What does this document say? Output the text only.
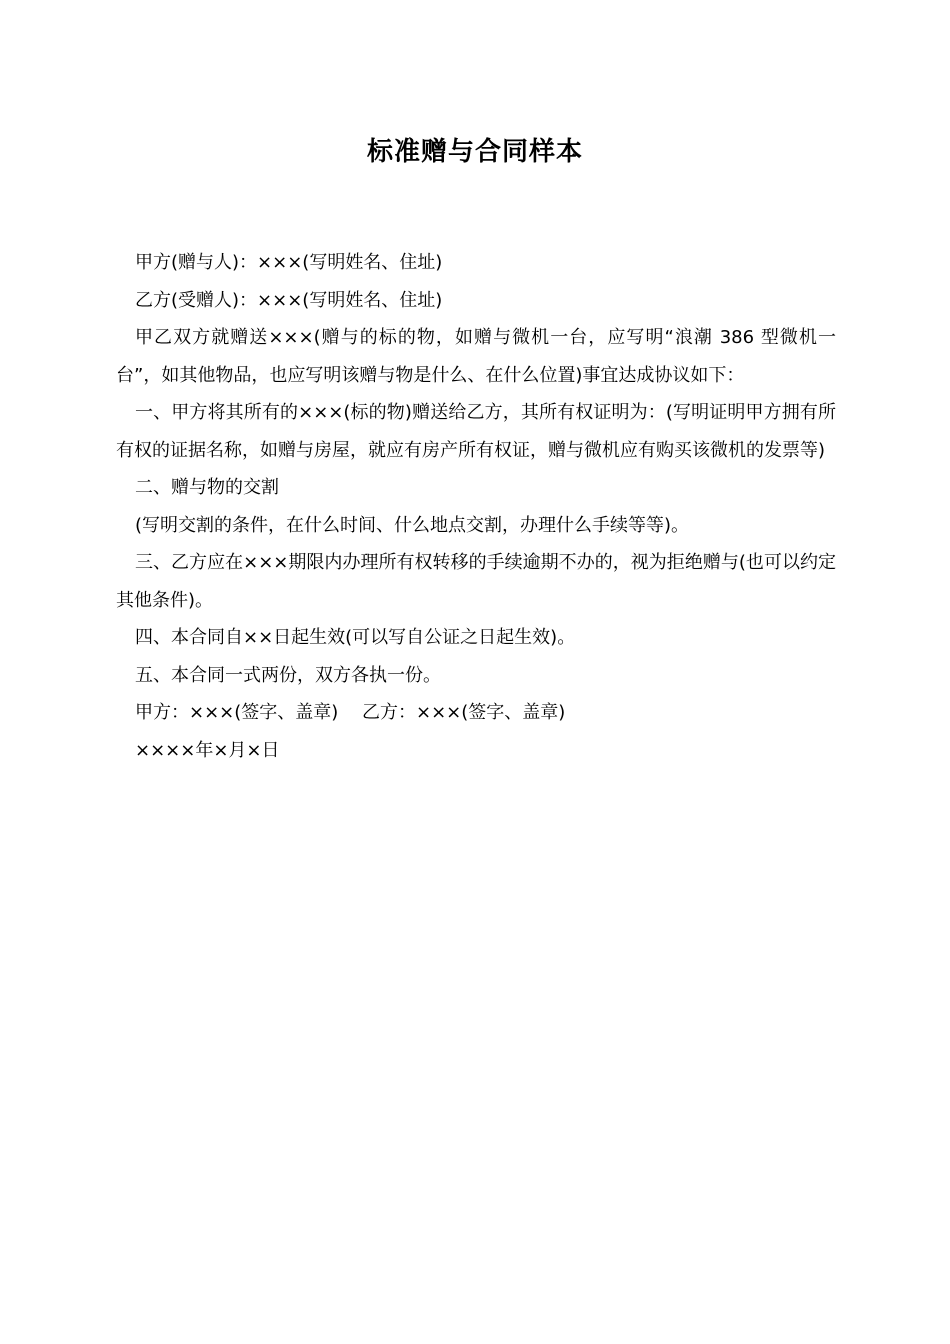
标准赠与合同样本

甲方(赠与人)：×××(写明姓名、住址)

乙方(受赠人)：×××(写明姓名、住址)

甲乙双方就赠送×××(赠与的标的物，如赠与微机一台，应写明“浪潮 386 型微机一台”，如其他物品，也应写明该赠与物是什么、在什么位置)事宜达成协议如下：

一、甲方将其所有的×××(标的物)赠送给乙方，其所有权证明为：(写明证明甲方拥有所有权的证据名称，如赠与房屋，就应有房产所有权证，赠与微机应有购买该微机的发票等)

二、赠与物的交割

(写明交割的条件，在什么时间、什么地点交割，办理什么手续等等)。

三、乙方应在×××期限内办理所有权转移的手续逾期不办的，视为拒绝赠与(也可以约定其他条件)。

四、本合同自××日起生效(可以写自公证之日起生效)。

五、本合同一式两份，双方各执一份。

甲方：×××(签字、盖章)　 乙方：×××(签字、盖章)

××××年×月×日
